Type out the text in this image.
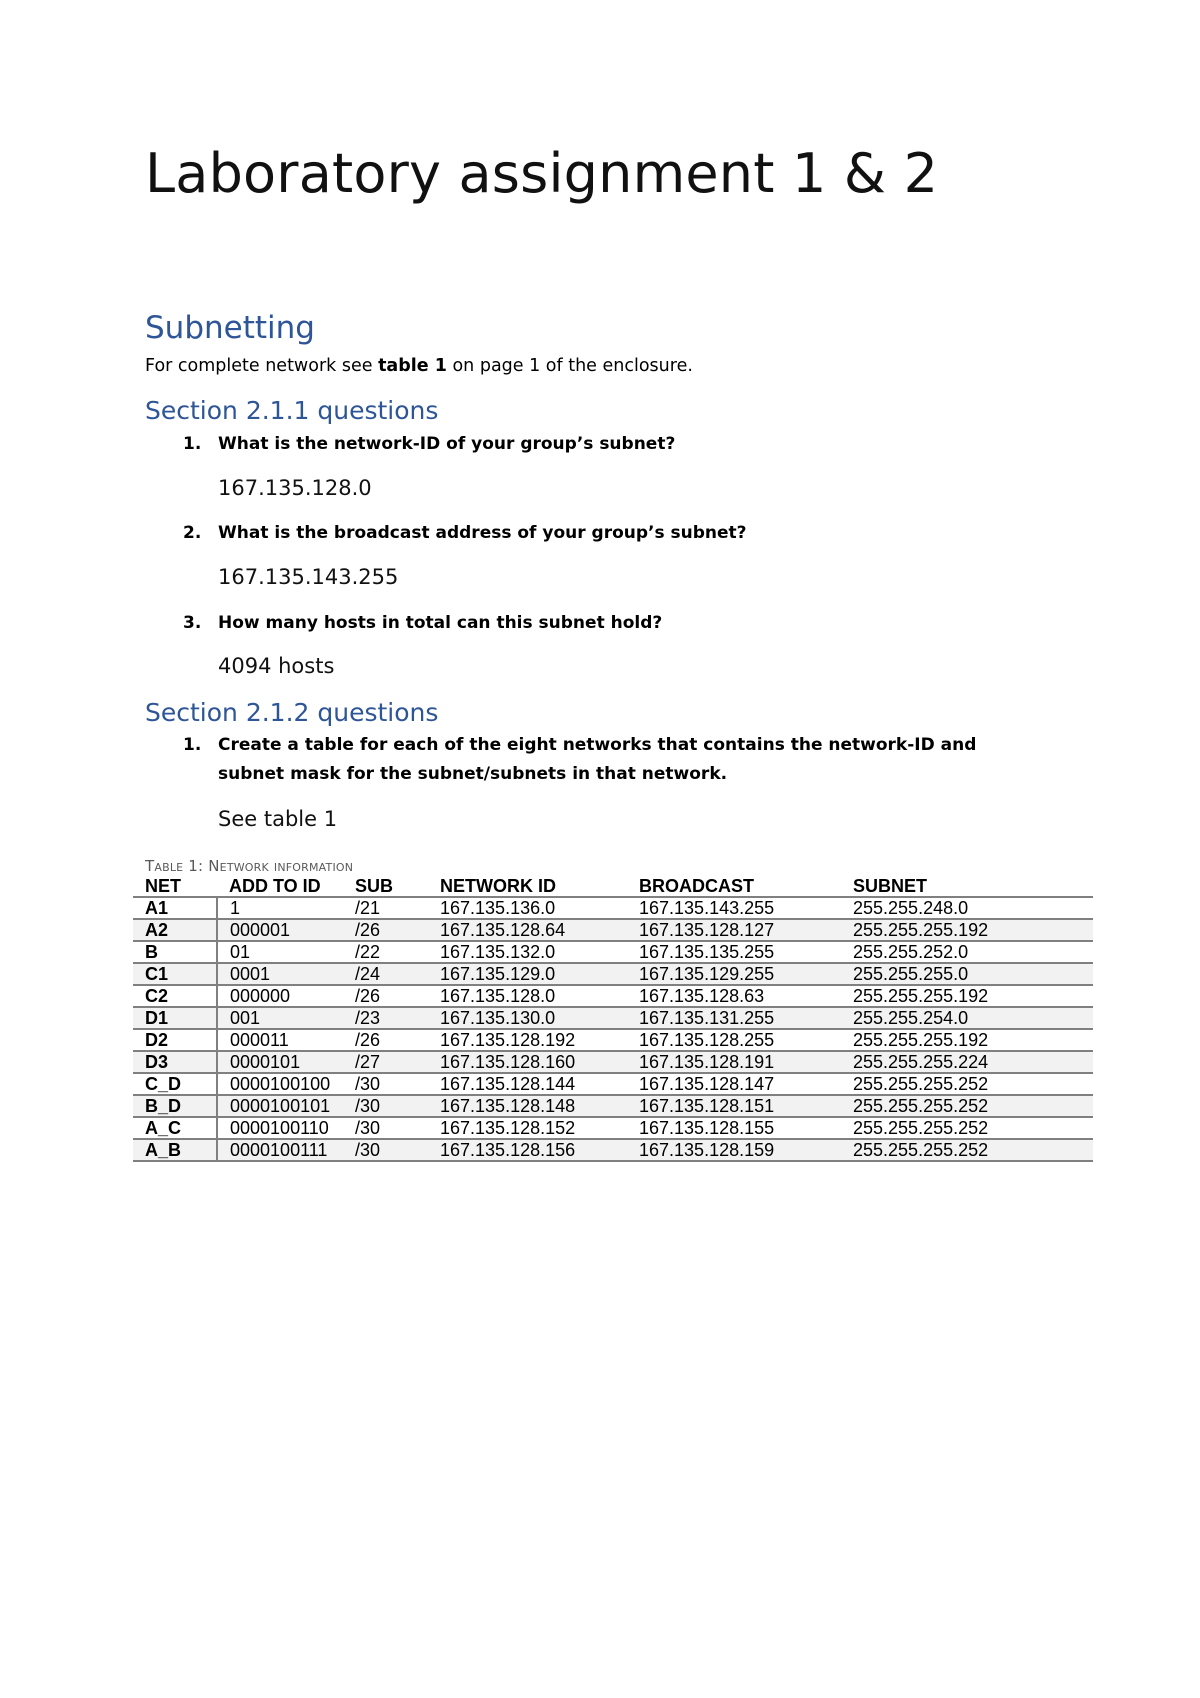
Laboratory assignment 1 & 2
Subnetting
For complete network see table 1 on page 1 of the enclosure.
Section 2.1.1 questions
1. What is the network-ID of your group’s subnet?
167.135.128.0
2. What is the broadcast address of your group’s subnet?
167.135.143.255
3. How many hosts in total can this subnet hold?
4094 hosts
Section 2.1.2 questions
1. Create a table for each of the eight networks that contains the network-ID and subnet mask for the subnet/subnets in that network.
See table 1
Table 1: Network information
NET	ADD TO ID	SUB	NETWORK ID	BROADCAST	SUBNET
A1	1	/21	167.135.136.0	167.135.143.255	255.255.248.0
A2	000001	/26	167.135.128.64	167.135.128.127	255.255.255.192
B	01	/22	167.135.132.0	167.135.135.255	255.255.252.0
C1	0001	/24	167.135.129.0	167.135.129.255	255.255.255.0
C2	000000	/26	167.135.128.0	167.135.128.63	255.255.255.192
D1	001	/23	167.135.130.0	167.135.131.255	255.255.254.0
D2	000011	/26	167.135.128.192	167.135.128.255	255.255.255.192
D3	0000101	/27	167.135.128.160	167.135.128.191	255.255.255.224
C_D	0000100100	/30	167.135.128.144	167.135.128.147	255.255.255.252
B_D	0000100101	/30	167.135.128.148	167.135.128.151	255.255.255.252
A_C	0000100110	/30	167.135.128.152	167.135.128.155	255.255.255.252
A_B	0000100111	/30	167.135.128.156	167.135.128.159	255.255.255.252
